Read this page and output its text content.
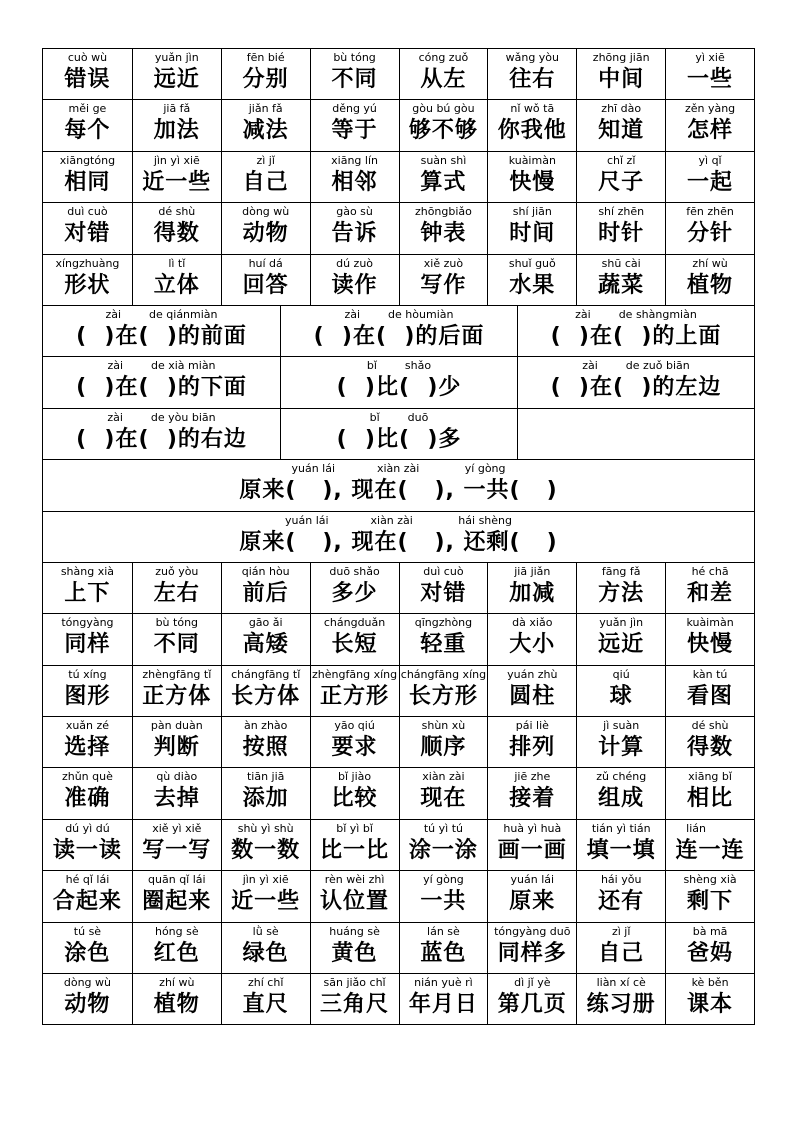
cuò wù
错误
yuǎn jìn
远近
fēn bié
分别
bù tóng
不同
cóng zuǒ
从左
wǎng yòu
往右
zhōng jiān
中间
yì xiē
一些
měi ge
每个
jiā fǎ
加法
jiǎn fǎ
减法
děng yú
等于
gòu bú gòu
够不够
nǐ wǒ tā
你我他
zhī dào
知道
zěn yàng
怎样
xiāngtóng
相同
jìn yì xiē
近一些
zì jǐ
自己
xiāng lín
相邻
suàn shì
算式
kuàimàn
快慢
chǐ zǐ
尺子
yì qǐ
一起
duì cuò
对错
dé shù
得数
dòng wù
动物
gào sù
告诉
zhōngbiǎo
钟表
shí jiān
时间
shí zhēn
时针
fēn zhēn
分针
xíngzhuàng
形状
lì tǐ
立体
huí dá
回答
dú zuò
读作
xiě zuò
写作
shuǐ guǒ
水果
shū cài
蔬菜
zhí wù
植物
zài        de qiánmiàn
(  )在(  )的前面
zài        de hòumiàn
(  )在(  )的后面
zài        de shàngmiàn
(  )在(  )的上面
zài        de xià miàn
(  )在(  )的下面
bǐ        shǎo
(  )比(  )少
zài        de zuǒ biān
(  )在(  )的左边
zài        de yòu biān
(  )在(  )的右边
bǐ        duō
(  )比(  )多
yuán lái            xiàn zài             yí gòng
原来(   ), 现在(   ), 一共(   )
yuán lái            xiàn zài             hái shèng
原来(   ), 现在(   ), 还剩(   )
shàng xià
上下
zuǒ yòu
左右
qián hòu
前后
duō shǎo
多少
duì cuò
对错
jiā jiǎn
加减
fāng fǎ
方法
hé chā
和差
tóngyàng
同样
bù tóng
不同
gāo ǎi
高矮
chángduǎn
长短
qīngzhòng
轻重
dà xiǎo
大小
yuǎn jìn
远近
kuàimàn
快慢
tú xíng
图形
zhèngfāng tǐ
正方体
chángfāng tǐ
长方体
zhèngfāng xíng
正方形
chángfāng xíng
长方形
yuán zhù
圆柱
qiú
球
kàn tú
看图
xuǎn zé
选择
pàn duàn
判断
àn zhào
按照
yāo qiú
要求
shùn xù
顺序
pái liè
排列
jì suàn
计算
dé shù
得数
zhǔn què
准确
qù diào
去掉
tiān jiā
添加
bǐ jiào
比较
xiàn zài
现在
jiē zhe
接着
zǔ chéng
组成
xiāng bǐ
相比
dú yì dú
读一读
xiě yì xiě
写一写
shù yì shù
数一数
bǐ yì bǐ
比一比
tú yì tú
涂一涂
huà yì huà
画一画
tián yì tián
填一填
lián
连一连
hé qǐ lái
合起来
quān qǐ lái
圈起来
jìn yì xiē
近一些
rèn wèi zhì
认位置
yí gòng
一共
yuán lái
原来
hái yǒu
还有
shèng xià
剩下
tú sè
涂色
hóng sè
红色
lǜ sè
绿色
huáng sè
黄色
lán sè
蓝色
tóngyàng duō
同样多
zì jǐ
自己
bà mā
爸妈
dòng wù
动物
zhí wù
植物
zhí chǐ
直尺
sān jiǎo chǐ
三角尺
nián yuè rì
年月日
dì jǐ yè
第几页
liàn xí cè
练习册
kè běn
课本
